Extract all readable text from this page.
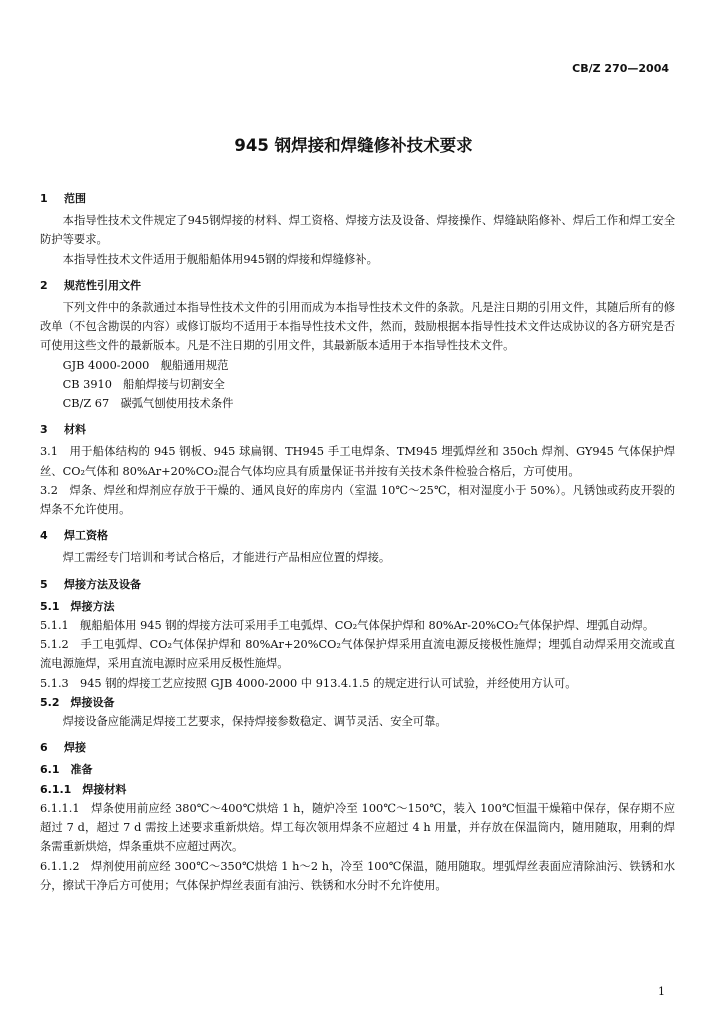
CB/Z 270—2004
945 钢焊接和焊缝修补技术要求
1 范围

本指导性技术文件规定了945钢焊接的材料、焊工资格、焊接方法及设备、焊接操作、焊缝缺陷修补、焊后工作和焊工安全防护等要求。

本指导性技术文件适用于舰船船体用945钢的焊接和焊缝修补。

2 规范性引用文件

下列文件中的条款通过本指导性技术文件的引用而成为本指导性技术文件的条款。凡是注日期的引用文件，其随后所有的修改单（不包含勘误的内容）或修订版均不适用于本指导性技术文件，然而，鼓励根据本指导性技术文件达成协议的各方研究是否可使用这些文件的最新版本。凡是不注日期的引用文件，其最新版本适用于本指导性技术文件。

GJB 4000-2000　舰船通用规范

CB 3910　船舶焊接与切割安全

CB/Z 67　碳弧气刨使用技术条件

3 材料

3.1　用于船体结构的 945 钢板、945 球扁钢、TH945 手工电焊条、TM945 埋弧焊丝和 350ch 焊剂、GY945 气体保护焊丝、CO₂气体和 80%Ar+20%CO₂混合气体均应具有质量保证书并按有关技术条件检验合格后，方可使用。

3.2　焊条、焊丝和焊剂应存放于干燥的、通风良好的库房内（室温 10℃～25℃，相对湿度小于 50%）。凡锈蚀或药皮开裂的焊条不允许使用。

4 焊工资格

焊工需经专门培训和考试合格后，才能进行产品相应位置的焊接。

5 焊接方法及设备

5.1　焊接方法

5.1.1　舰船船体用 945 钢的焊接方法可采用手工电弧焊、CO₂气体保护焊和 80%Ar-20%CO₂气体保护焊、埋弧自动焊。

5.1.2　手工电弧焊、CO₂气体保护焊和 80%Ar+20%CO₂气体保护焊采用直流电源反接极性施焊；埋弧自动焊采用交流或直流电源施焊，采用直流电源时应采用反极性施焊。

5.1.3　945 钢的焊接工艺应按照 GJB 4000-2000 中 913.4.1.5 的规定进行认可试验，并经使用方认可。

5.2　焊接设备

焊接设备应能满足焊接工艺要求，保持焊接参数稳定、调节灵活、安全可靠。

6 焊接

6.1　准备

6.1.1　焊接材料

6.1.1.1　焊条使用前应经 380℃～400℃烘焙 1 h，随炉冷至 100℃～150℃，装入 100℃恒温干燥箱中保存，保存期不应超过 7 d，超过 7 d 需按上述要求重新烘焙。焊工每次领用焊条不应超过 4 h 用量，并存放在保温筒内，随用随取，用剩的焊条需重新烘焙，焊条重烘不应超过两次。

6.1.1.2　焊剂使用前应经 300℃～350℃烘焙 1 h～2 h，冷至 100℃保温，随用随取。埋弧焊丝表面应清除油污、铁锈和水分，擦试干净后方可使用；气体保护焊丝表面有油污、铁锈和水分时不允许使用。

1
